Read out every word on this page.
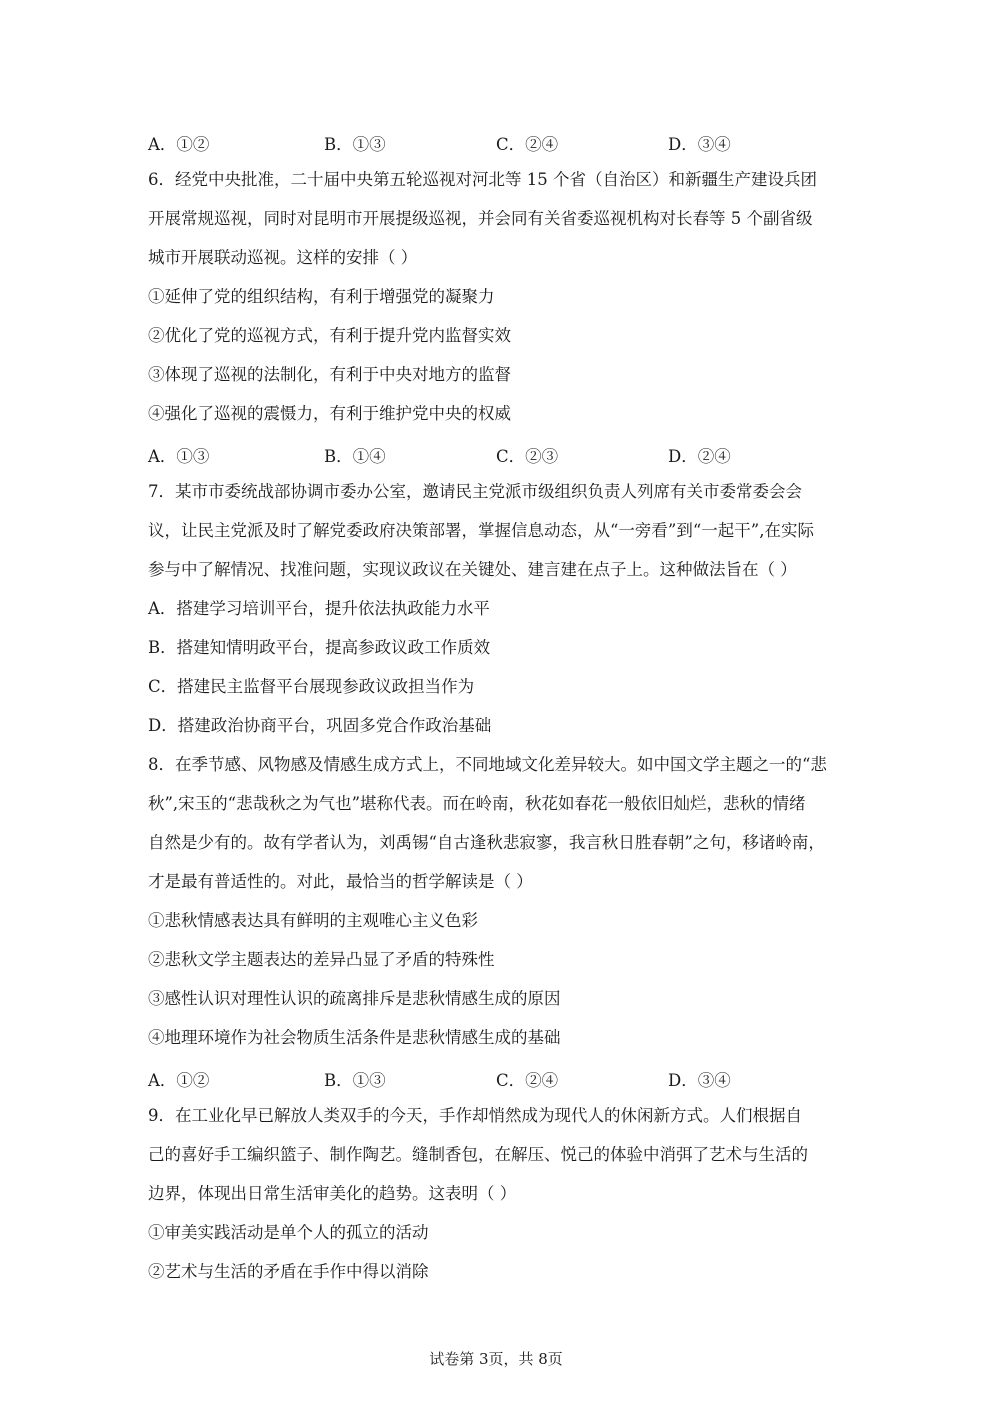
A．①②	B．①③	C．②④	D．③④
6．经党中央批准，二十届中央第五轮巡视对河北等 15 个省（自治区）和新疆生产建设兵团
开展常规巡视，同时对昆明市开展提级巡视，并会同有关省委巡视机构对长春等 5 个副省级
城市开展联动巡视。这样的安排（ ）
①延伸了党的组织结构，有利于增强党的凝聚力
②优化了党的巡视方式，有利于提升党内监督实效
③体现了巡视的法制化，有利于中央对地方的监督
④强化了巡视的震慑力，有利于维护党中央的权威
A．①③	B．①④	C．②③	D．②④
7．某市市委统战部协调市委办公室，邀请民主党派市级组织负责人列席有关市委常委会会
议，让民主党派及时了解党委政府决策部署，掌握信息动态，从“一旁看”到“一起干”,在实际
参与中了解情况、找准问题，实现议政议在关键处、建言建在点子上。这种做法旨在（ ）
A．搭建学习培训平台，提升依法执政能力水平
B．搭建知情明政平台，提高参政议政工作质效
C．搭建民主监督平台展现参政议政担当作为
D．搭建政治协商平台，巩固多党合作政治基础
8．在季节感、风物感及情感生成方式上，不同地域文化差异较大。如中国文学主题之一的“悲
秋”,宋玉的“悲哉秋之为气也”堪称代表。而在岭南，秋花如春花一般依旧灿烂，悲秋的情绪
自然是少有的。故有学者认为，刘禹锡“自古逢秋悲寂寥，我言秋日胜春朝”之句，移诸岭南，
才是最有普适性的。对此，最恰当的哲学解读是（ ）
①悲秋情感表达具有鲜明的主观唯心主义色彩
②悲秋文学主题表达的差异凸显了矛盾的特殊性
③感性认识对理性认识的疏离排斥是悲秋情感生成的原因
④地理环境作为社会物质生活条件是悲秋情感生成的基础
A．①②	B．①③	C．②④	D．③④
9．在工业化早已解放人类双手的今天，手作却悄然成为现代人的休闲新方式。人们根据自
己的喜好手工编织篮子、制作陶艺。缝制香包，在解压、悦己的体验中消弭了艺术与生活的
边界，体现出日常生活审美化的趋势。这表明（ ）
①审美实践活动是单个人的孤立的活动
②艺术与生活的矛盾在手作中得以消除
试卷第 3页，共 8页
